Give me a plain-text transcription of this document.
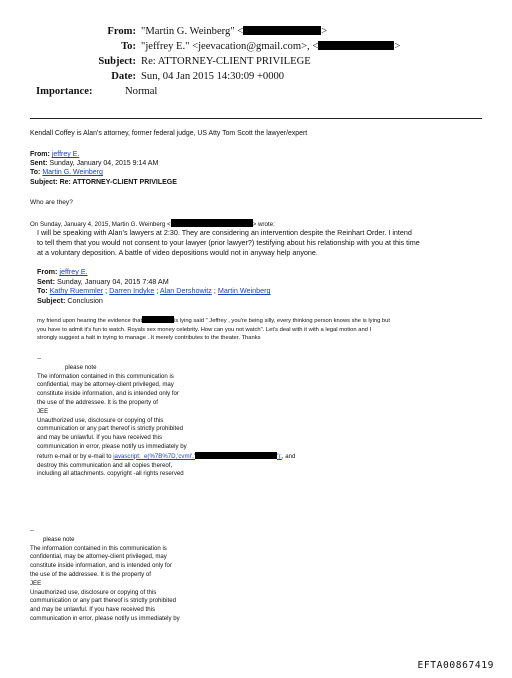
From: "Martin G. Weinberg" <	>
To: "jeffrey E." <jeevacation@gmail.com>, <	>
Subject: Re: ATTORNEY-CLIENT PRIVILEGE
Date: Sun, 04 Jan 2015 14:30:09 +0000
Importance:	Normal
Kendall Coffey is Alan’s attorney, former federal judge, US Atty Tom Scott the lawyer/expert
From: jeffrey E.
Sent: Sunday, January 04, 2015 9:14 AM
To: Martin G. Weinberg
Subject: Re: ATTORNEY-CLIENT PRIVILEGE
Who are they?
On Sunday, January 4, 2015, Martin G. Weinberg <	> wrote:
I will be speaking with Alan’s lawyers at 2:30. They are considering an intervention despite the Reinhart Order. I intend
to tell them that you would not consent to your lawyer (prior lawyer?) testifying about his relationship with you at this time
at a voluntary deposition. A battle of video depositions would not in anyway help anyone.
From: jeffrey E.
Sent: Sunday, January 04, 2015 7:48 AM
To: Kathy Ruemmler ; Darren Indyke ; Alan Dershowitz ; Martin Weinberg
Subject: Conclusion
my friend upon hearing the evidence that	is lying said " Jeffrey , you're being silly, every thinking person knows she is lying but
you have to admit it's fun to watch. Royals sex money celebrity. How can you not watch". Let's deal with it with a legal motion and I
strongly suggest a halt in trying to manage . It merely contributes to the theater. Thanks
--
please note
The information contained in this communication is
confidential, may be attorney-client privileged, may
constitute inside information, and is intended only for
the use of the addressee. It is the property of
JEE
Unauthorized use, disclosure or copying of this
communication or any part thereof is strictly prohibited
and may be unlawful. If you have received this
communication in error, please notify us immediately by
return e-mail or by e-mail to javascript:_e(%7B%7D,'cvml','	');, and
destroy this communication and all copies thereof,
including all attachments. copyright -all rights reserved
--
please note
The information contained in this communication is
confidential, may be attorney-client privileged, may
constitute inside information, and is intended only for
the use of the addressee. It is the property of
JEE
Unauthorized use, disclosure or copying of this
communication or any part thereof is strictly prohibited
and may be unlawful. If you have received this
communication in error, please notify us immediately by
EFTA00867419
